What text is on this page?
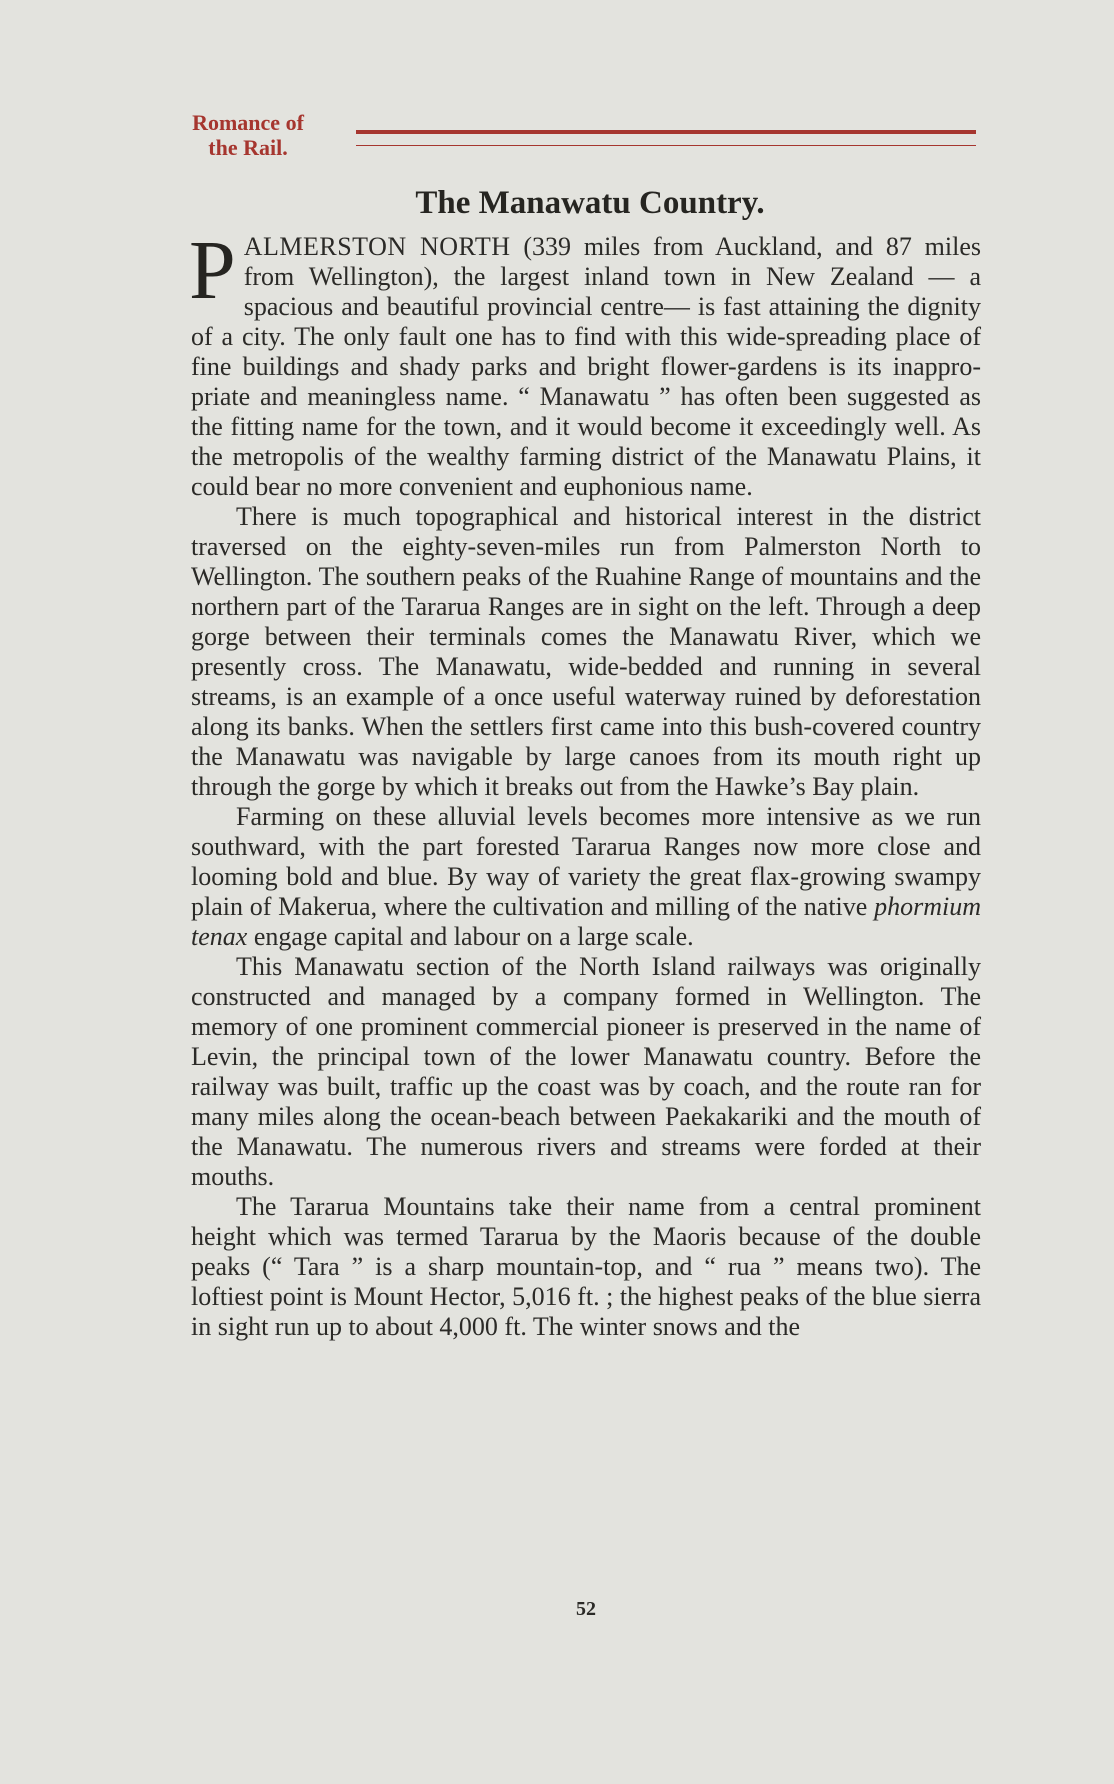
Romance of
the Rail.
The Manawatu Country.

PALMERSTON NORTH (339 miles from Auckland, and 87 miles from Wellington), the largest inland town in New Zealand — a spacious and beautiful provincial centre— is fast attaining the dignity of a city. The only fault one has to find with this wide-spreading place of fine buildings and shady parks and bright flower-gardens is its inappro-priate and meaningless name. “ Manawatu ” has often been suggested as the fitting name for the town, and it would become it exceedingly well. As the metropolis of the wealthy farming district of the Manawatu Plains, it could bear no more convenient and euphonious name.

There is much topographical and historical interest in the district traversed on the eighty-seven-miles run from Palmerston North to Wellington. The southern peaks of the Ruahine Range of mountains and the northern part of the Tararua Ranges are in sight on the left. Through a deep gorge between their terminals comes the Manawatu River, which we presently cross. The Manawatu, wide-bedded and running in several streams, is an example of a once useful waterway ruined by deforestation along its banks. When the settlers first came into this bush-covered country the Manawatu was navigable by large canoes from its mouth right up through the gorge by which it breaks out from the Hawke’s Bay plain.

Farming on these alluvial levels becomes more intensive as we run southward, with the part forested Tararua Ranges now more close and looming bold and blue. By way of variety the great flax-growing swampy plain of Makerua, where the cultivation and milling of the native phormium tenax engage capital and labour on a large scale.

This Manawatu section of the North Island railways was originally constructed and managed by a company formed in Wellington. The memory of one prominent commercial pioneer is preserved in the name of Levin, the principal town of the lower Manawatu country. Before the railway was built, traffic up the coast was by coach, and the route ran for many miles along the ocean-beach between Paekakariki and the mouth of the Manawatu. The numerous rivers and streams were forded at their mouths.

The Tararua Mountains take their name from a central prominent height which was termed Tararua by the Maoris because of the double peaks (“ Tara ” is a sharp mountain-top, and “ rua ” means two). The loftiest point is Mount Hector, 5,016 ft. ; the highest peaks of the blue sierra in sight run up to about 4,000 ft. The winter snows and the

52
